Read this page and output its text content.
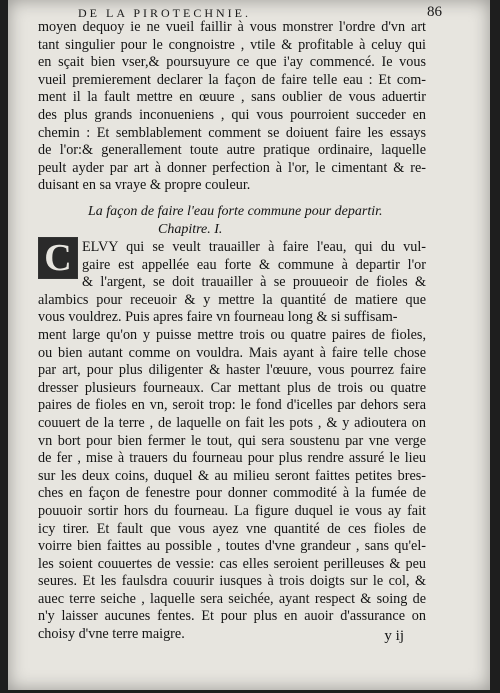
DE LA PIROTECHNIE.	86
moyen dequoy ie ne vueil faillir à vous monstrer l'ordre d'vn art
tant singulier pour le congnoistre , vtile & profitable à celuy qui
en sçait bien vser,& poursuyure ce que i'ay commencé. Ie vous
vueil premierement declarer la façon de faire telle eau : Et com-
ment il la fault mettre en œuure , sans oublier de vous aduertir
des plus grands inconueniens , qui vous pourroient succeder en
chemin : Et semblablement comment se doiuent faire les essays
de l'or:& generallement toute autre pratique ordinaire, laquelle
peult ayder par art à donner perfection à l'or, le cimentant & re-
duisant en sa vraye & propre couleur.
La façon de faire l'eau forte commune pour departir.
Chapitre. I.
C ELVY qui se veult trauailler à faire l'eau, qui du vul-
gaire est appellée eau forte & commune à departir l'or
& l'argent, se doit trauailler à se prouueoir de fioles &
alambics pour receuoir & y mettre la quantité de matiere que
vous vouldrez. Puis apres faire vn fourneau long & si suffisam-
ment large qu'on y puisse mettre trois ou quatre paires de fioles,
ou bien autant comme on vouldra. Mais ayant à faire telle chose
par art, pour plus diligenter & haster l'œuure, vous pourrez faire
dresser plusieurs fourneaux. Car mettant plus de trois ou quatre
paires de fioles en vn, seroit trop: le fond d'icelles par dehors sera
couuert de la terre , de laquelle on fait les pots , & y adioutera on
vn bort pour bien fermer le tout, qui sera soustenu par vne verge
de fer , mise à trauers du fourneau pour plus rendre assuré le lieu
sur les deux coins, duquel & au milieu seront faittes petites bres-
ches en façon de fenestre pour donner commodité à la fumée de
pouuoir sortir hors du fourneau. La figure duquel ie vous ay fait
icy tirer. Et fault que vous ayez vne quantité de ces fioles de
voirre bien faittes au possible , toutes d'vne grandeur , sans qu'el-
les soient couuertes de vessie: cas elles seroient perilleuses & peu
seures. Et les faulsdra couurir iusques à trois doigts sur le col, &
auec terre seiche , laquelle sera seichée, ayant respect & soing de
n'y laisser aucunes fentes. Et pour plus en auoir d'assurance on
choisy d'vne terre maigre.	y ij
